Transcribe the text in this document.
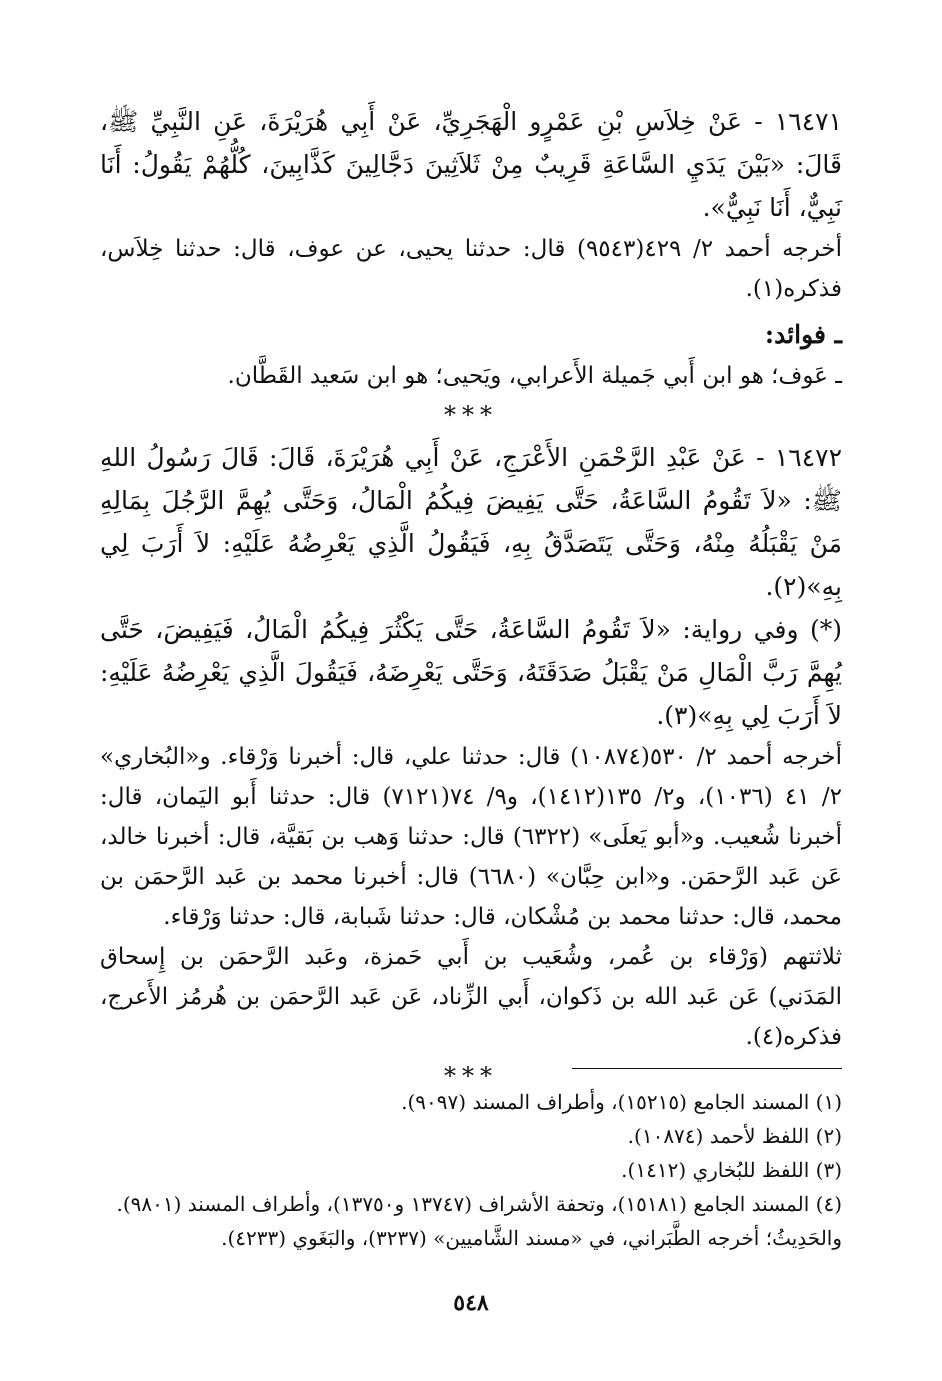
١٦٤٧١ - عَنْ خِلاَسِ بْنِ عَمْرٍو الْهَجَرِيِّ، عَنْ أَبِي هُرَيْرَةَ، عَنِ النَّبِيِّ ﷺ، قَالَ: «بَيْنَ يَدَيِ السَّاعَةِ قَرِيبٌ مِنْ ثَلاَثِينَ دَجَّالِينَ كَذَّابِينَ، كُلُّهُمْ يَقُولُ: أَنَا نَبِيٌّ، أَنَا نَبِيٌّ».

أخرجه أحمد ٢/ ٤٢٩(٩٥٤٣) قال: حدثنا يحيى، عن عوف، قال: حدثنا خِلاَس، فذكره(١).

ـ فوائد:

ـ عَوف؛ هو ابن أَبي جَميلة الأَعرابي، ويَحيى؛ هو ابن سَعيد القَطَّان.

***

١٦٤٧٢ - عَنْ عَبْدِ الرَّحْمَنِ الأَعْرَجِ، عَنْ أَبِي هُرَيْرَةَ، قَالَ: قَالَ رَسُولُ اللهِ ﷺ: «لاَ تَقُومُ السَّاعَةُ، حَتَّى يَفِيضَ فِيكُمُ الْمَالُ، وَحَتَّى يُهِمَّ الرَّجُلَ بِمَالِهِ مَنْ يَقْبَلُهُ مِنْهُ، وَحَتَّى يَتَصَدَّقُ بِهِ، فَيَقُولُ الَّذِي يَعْرِضُهُ عَلَيْهِ: لاَ أَرَبَ لِي بِهِ»(٢).

(*) وفي رواية: «لاَ تَقُومُ السَّاعَةُ، حَتَّى يَكْثُرَ فِيكُمُ الْمَالُ، فَيَفِيضَ، حَتَّى يُهِمَّ رَبَّ الْمَالِ مَنْ يَقْبَلُ صَدَقَتَهُ، وَحَتَّى يَعْرِضَهُ، فَيَقُولَ الَّذِي يَعْرِضُهُ عَلَيْهِ: لاَ أَرَبَ لِي بِهِ»(٣).

أخرجه أحمد ٢/ ٥٣٠(١٠٨٧٤) قال: حدثنا علي، قال: أخبرنا وَرْقاء. و«البُخاري» ٢/ ٤١ (١٠٣٦)، و٢/ ١٣٥(١٤١٢)، و٩/ ٧٤(٧١٢١) قال: حدثنا أَبو اليَمان، قال: أخبرنا شُعيب. و«أبو يَعلَى» (٦٣٢٢) قال: حدثنا وَهب بن بَقيَّة، قال: أخبرنا خالد، عَن عَبد الرَّحمَن. و«ابن حِبَّان» (٦٦٨٠) قال: أخبرنا محمد بن عَبد الرَّحمَن بن محمد، قال: حدثنا محمد بن مُشْكان، قال: حدثنا شَبابة، قال: حدثنا وَرْقاء.

ثلاثتهم (وَرْقاء بن عُمر، وشُعَيب بن أَبي حَمزة، وعَبد الرَّحمَن بن إِسحاق المَدَني) عَن عَبد الله بن ذَكوان، أَبي الزِّناد، عَن عَبد الرَّحمَن بن هُرمُز الأَعرج، فذكره(٤).

***

(١) المسند الجامع (١٥٢١٥)، وأطراف المسند (٩٠٩٧).

(٢) اللفظ لأحمد (١٠٨٧٤).

(٣) اللفظ للبُخاري (١٤١٢).

(٤) المسند الجامع (١٥١٨١)، وتحفة الأشراف (١٣٧٤٧ و١٣٧٥٠)، وأطراف المسند (٩٨٠١).

والحَدِيثُ؛ أخرجه الطَّبَراني، في «مسند الشَّاميين» (٣٢٣٧)، والبَغَوي (٤٢٣٣).

٥٤٨
